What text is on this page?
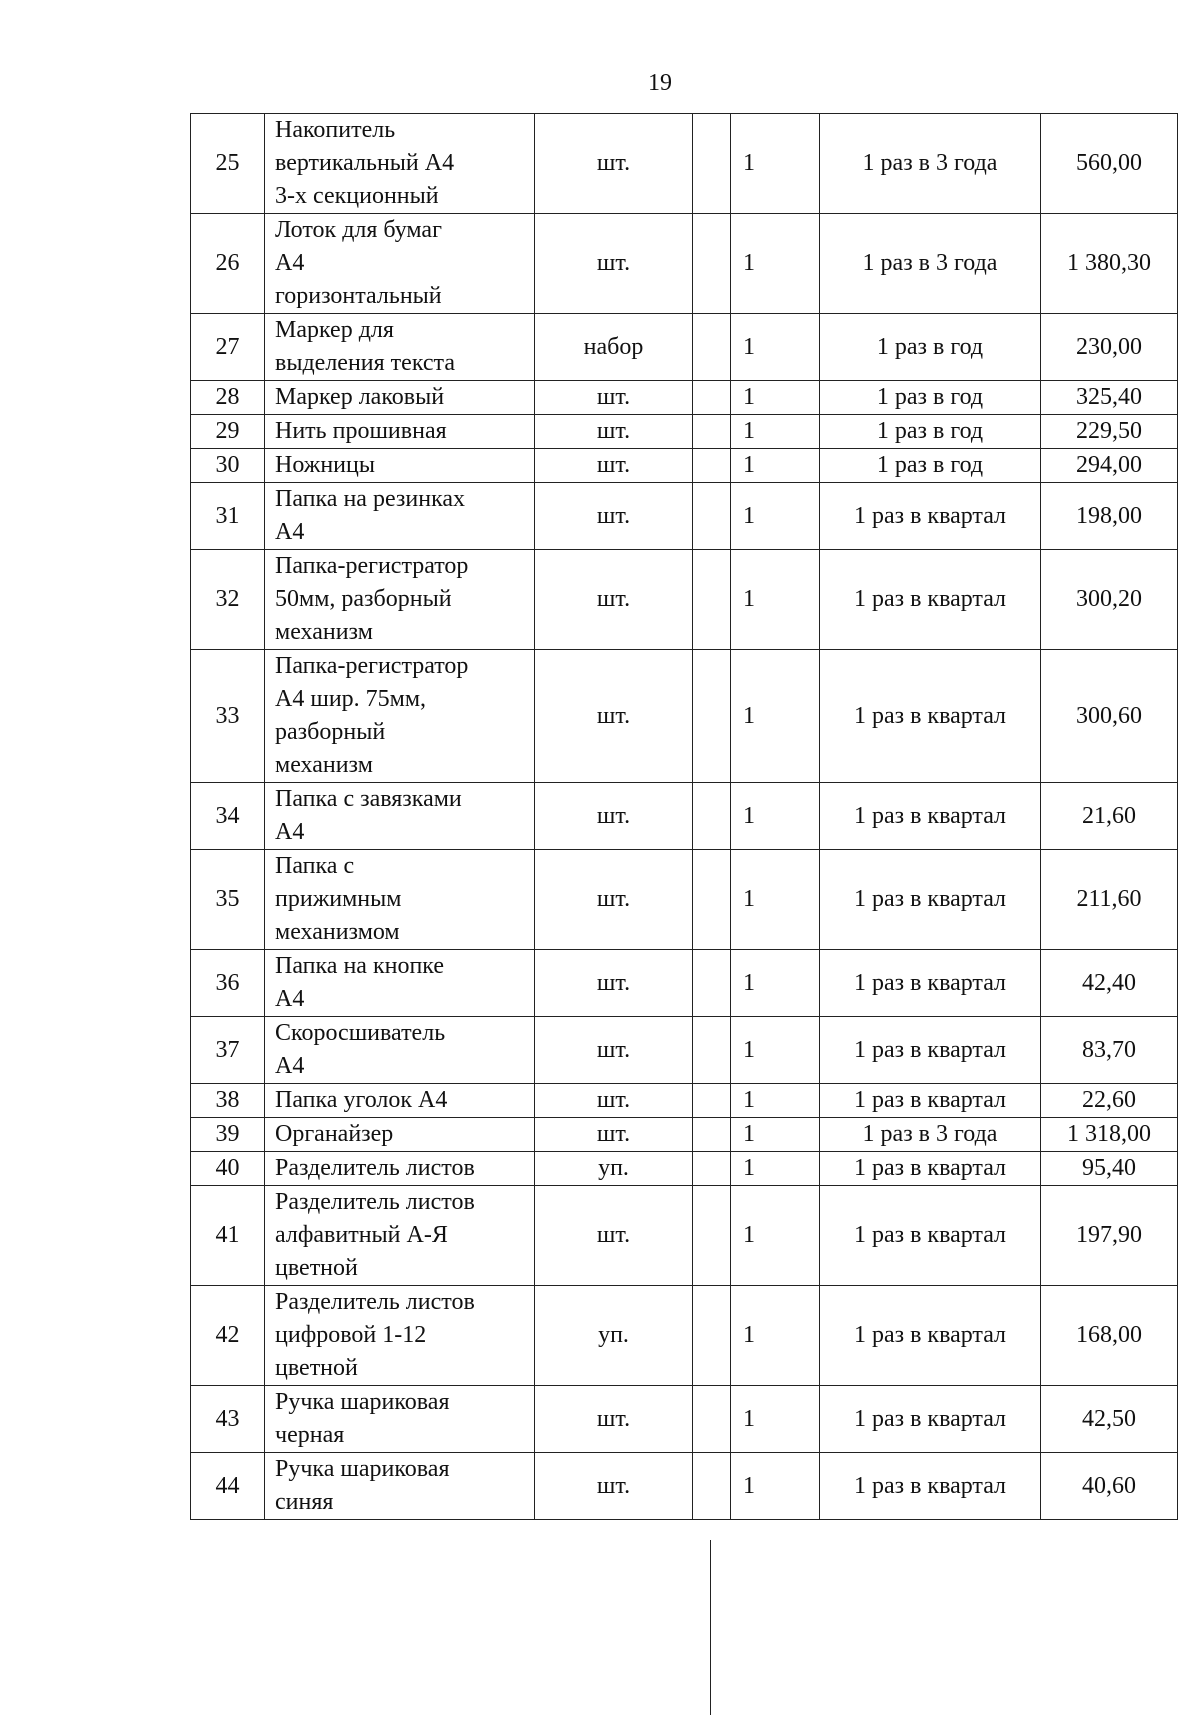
19
25	Накопитель
вертикальный А4
3-х секционный	шт.		1	1 раз в 3 года	560,00
26	Лоток для бумаг
А4
горизонтальный	шт.		1	1 раз в 3 года	1 380,30
27	Маркер для
выделения текста	набор		1	1 раз в год	230,00
28	Маркер лаковый	шт.		1	1 раз в год	325,40
29	Нить прошивная	шт.		1	1 раз в год	229,50
30	Ножницы	шт.		1	1 раз в год	294,00
31	Папка на резинках
А4	шт.		1	1 раз в квартал	198,00
32	Папка-регистратор
50мм, разборный
механизм	шт.		1	1 раз в квартал	300,20
33	Папка-регистратор
А4 шир. 75мм,
разборный
механизм	шт.		1	1 раз в квартал	300,60
34	Папка с завязками
А4	шт.		1	1 раз в квартал	21,60
35	Папка с
прижимным
механизмом	шт.		1	1 раз в квартал	211,60
36	Папка на кнопке
А4	шт.		1	1 раз в квартал	42,40
37	Скоросшиватель
А4	шт.		1	1 раз в квартал	83,70
38	Папка уголок А4	шт.		1	1 раз в квартал	22,60
39	Органайзер	шт.		1	1 раз в 3 года	1 318,00
40	Разделитель листов	уп.		1	1 раз в квартал	95,40
41	Разделитель листов
алфавитный А-Я
цветной	шт.		1	1 раз в квартал	197,90
42	Разделитель листов
цифровой 1-12
цветной	уп.		1	1 раз в квартал	168,00
43	Ручка шариковая
черная	шт.		1	1 раз в квартал	42,50
44	Ручка шариковая
синяя	шт.		1	1 раз в квартал	40,60
